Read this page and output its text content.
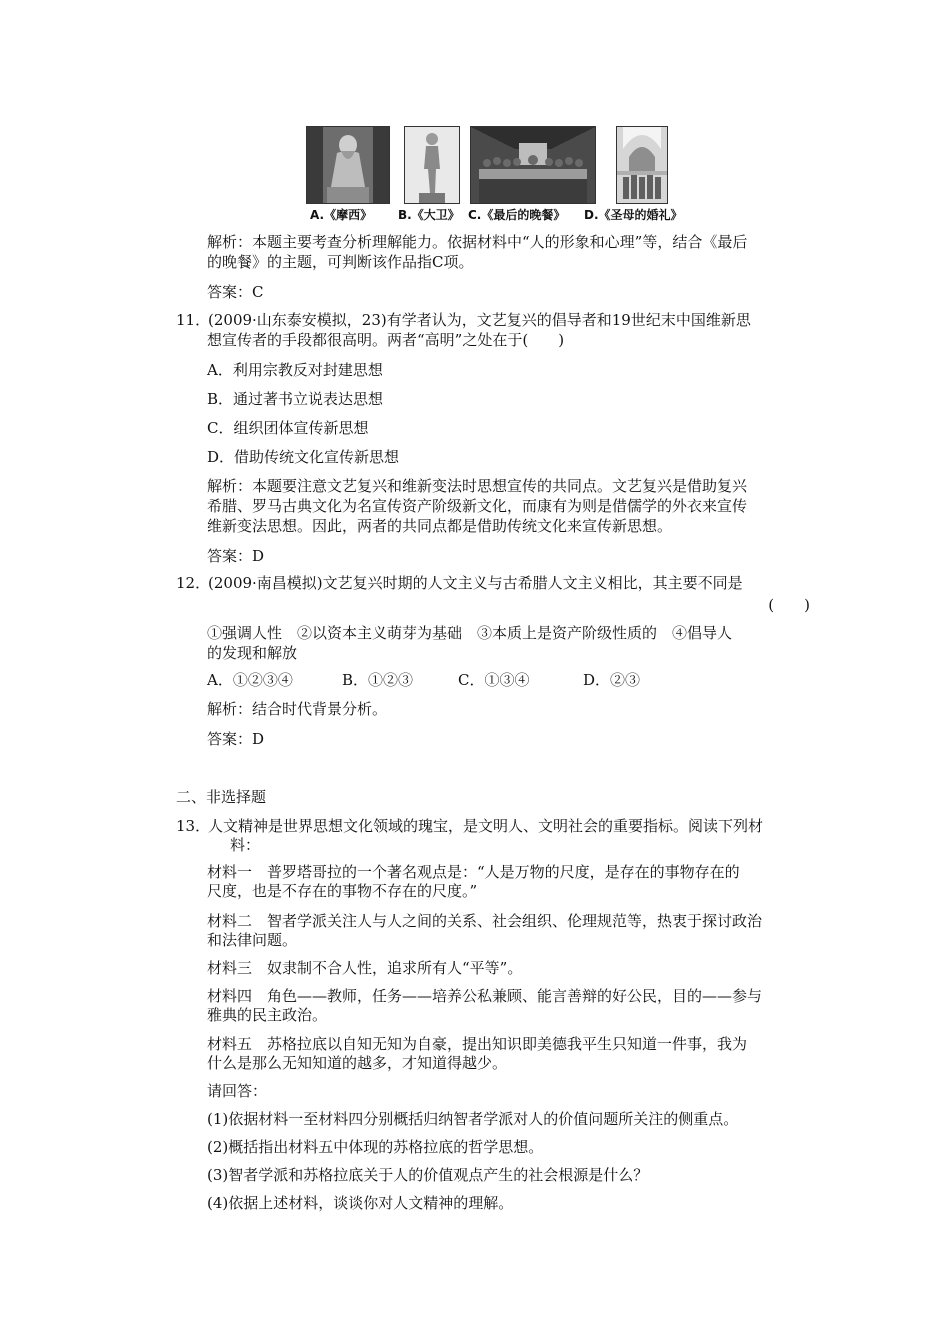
A.《摩西》 B.《大卫》 C.《最后的晚餐》 D.《圣母的婚礼》
解析：本题主要考查分析理解能力。依据材料中“人的形象和心理”等，结合《最后
的晚餐》的主题，可判断该作品指C项。
答案：C
11．(2009·山东泰安模拟，23)有学者认为，文艺复兴的倡导者和19世纪末中国维新思
想宣传者的手段都很高明。两者“高明”之处在于(　　)
A．利用宗教反对封建思想
B．通过著书立说表达思想
C．组织团体宣传新思想
D．借助传统文化宣传新思想
解析：本题要注意文艺复兴和维新变法时思想宣传的共同点。文艺复兴是借助复兴
希腊、罗马古典文化为名宣传资产阶级新文化，而康有为则是借儒学的外衣来宣传
维新变法思想。因此，两者的共同点都是借助传统文化来宣传新思想。
答案：D
12．(2009·南昌模拟)文艺复兴时期的人文主义与古希腊人文主义相比，其主要不同是
(　　)
①强调人性　②以资本主义萌芽为基础　③本质上是资产阶级性质的　④倡导人
的发现和解放
A．①②③④	B．①②③	C．①③④	D．②③
解析：结合时代背景分析。
答案：D
二、非选择题
13．人文精神是世界思想文化领域的瑰宝，是文明人、文明社会的重要指标。阅读下列材
料：
材料一　普罗塔哥拉的一个著名观点是：“人是万物的尺度，是存在的事物存在的
尺度，也是不存在的事物不存在的尺度。”
材料二　智者学派关注人与人之间的关系、社会组织、伦理规范等，热衷于探讨政治
和法律问题。
材料三　奴隶制不合人性，追求所有人“平等”。
材料四　角色——教师，任务——培养公私兼顾、能言善辩的好公民，目的——参与
雅典的民主政治。
材料五　苏格拉底以自知无知为自豪，提出知识即美德我平生只知道一件事，我为
什么是那么无知知道的越多，才知道得越少。
请回答：
(1)依据材料一至材料四分别概括归纳智者学派对人的价值问题所关注的侧重点。
(2)概括指出材料五中体现的苏格拉底的哲学思想。
(3)智者学派和苏格拉底关于人的价值观点产生的社会根源是什么？
(4)依据上述材料，谈谈你对人文精神的理解。
